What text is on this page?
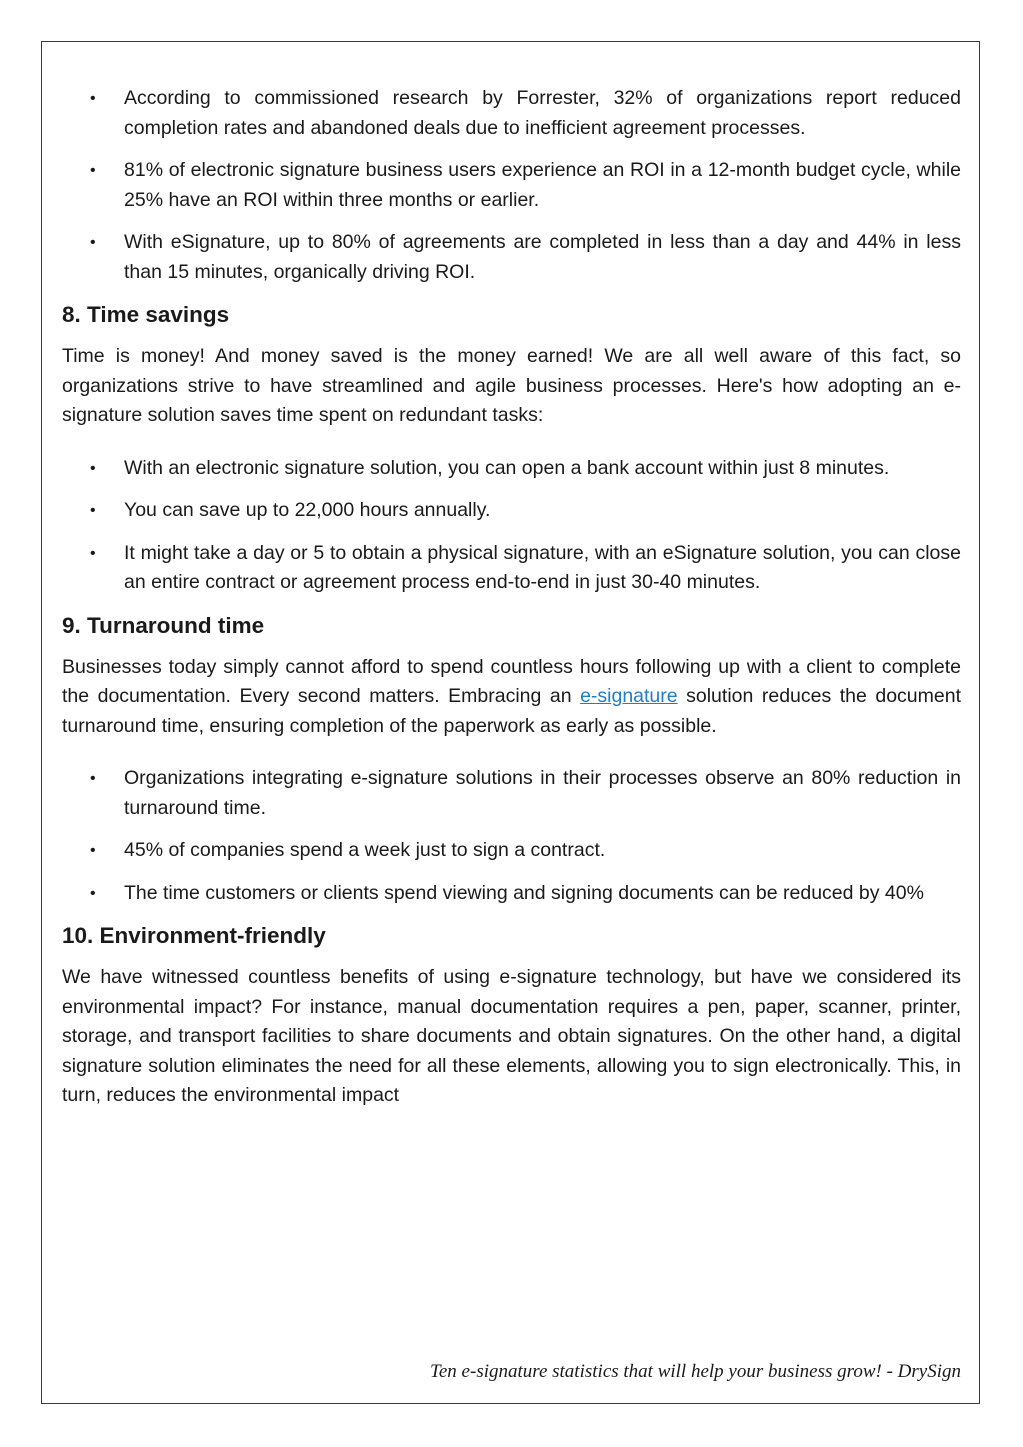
• According to commissioned research by Forrester, 32% of organizations report reduced completion rates and abandoned deals due to inefficient agreement processes.
• 81% of electronic signature business users experience an ROI in a 12-month budget cycle, while 25% have an ROI within three months or earlier.
• With eSignature, up to 80% of agreements are completed in less than a day and 44% in less than 15 minutes, organically driving ROI.
8. Time savings

Time is money! And money saved is the money earned! We are all well aware of this fact, so organizations strive to have streamlined and agile business processes. Here's how adopting an e-signature solution saves time spent on redundant tasks:

• With an electronic signature solution, you can open a bank account within just 8 minutes.
• You can save up to 22,000 hours annually.
• It might take a day or 5 to obtain a physical signature, with an eSignature solution, you can close an entire contract or agreement process end-to-end in just 30-40 minutes.
9. Turnaround time

Businesses today simply cannot afford to spend countless hours following up with a client to complete the documentation. Every second matters. Embracing an e-signature solution reduces the document turnaround time, ensuring completion of the paperwork as early as possible.

• Organizations integrating e-signature solutions in their processes observe an 80% reduction in turnaround time.
• 45% of companies spend a week just to sign a contract.
• The time customers or clients spend viewing and signing documents can be reduced by 40%
10. Environment-friendly

We have witnessed countless benefits of using e-signature technology, but have we considered its environmental impact? For instance, manual documentation requires a pen, paper, scanner, printer, storage, and transport facilities to share documents and obtain signatures. On the other hand, a digital signature solution eliminates the need for all these elements, allowing you to sign electronically. This, in turn, reduces the environmental impact

Ten e-signature statistics that will help your business grow! - DrySign
